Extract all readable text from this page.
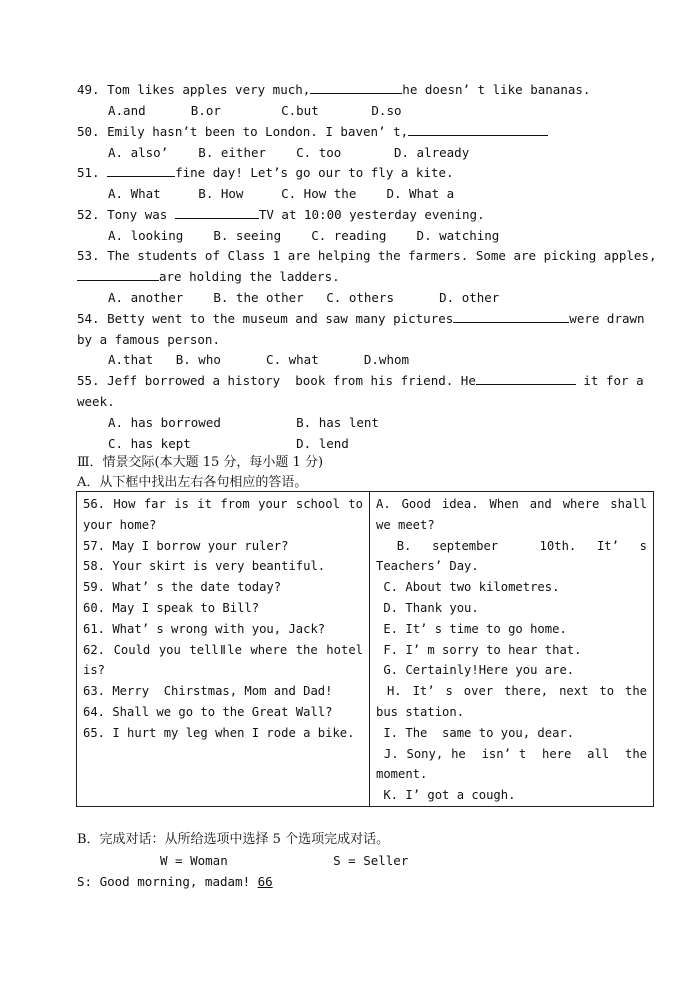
49. Tom likes apples very much,	he doesn’ t like bananas.
A.and      B.or        C.but       D.so
50. Emily hasn’t been to London. I baven’ t,
A. also’    B. either    C. too       D. already
51.	fine day! Let’s go our to fly a kite.
A. What     B. How     C. How the    D. What a
52. Tony was	TV at 10:00 yesterday evening.
A. looking    B. seeing    C. reading    D. watching
53. The students of Class 1 are helping the farmers. Some are picking apples,
are holding the ladders.
A. another    B. the other   C. others      D. other
54. Betty went to the museum and saw many pictures	were drawn
by a famous person.
A.that   B. who      C. what      D.whom
55. Jeff borrowed a history  book from his friend. He	it for a
week.
A. has borrowed          B. has lent
C. has kept              D. lend
Ⅲ．情景交际(本大题 15 分，每小题 1 分)
A．从下框中找出左右各句相应的答语。
56. How far is it from your school to your home?
57. May I borrow your ruler?
58. Your skirt is very beantiful.
59. What’ s the date today?
60. May I speak to Bill?
61. What’ s wrong with you, Jack?
62. Could you tellⅡle where the hotel is?
63. Merry  Chirstmas, Mom and Dad!
64. Shall we go to the Great Wall?
65. I hurt my leg when I rode a bike.

A. Good idea. When and where shall we meet?
B. september  10th. It’ s  Teachers’ Day.
C. About two kilometres.
D. Thank you.
E. It’ s time to go home.
F. I’ m sorry to hear that.
G. Certainly!Here you are.
H. It’ s over there, next to the bus station.
I. The  same to you, dear.
J. Sony, he  isn’ t  here  all  the moment.
K. I’ got a cough.
B．完成对话：从所给选项中选择 5 个选项完成对话。
W = Woman              S = Seller
S: Good morning, madam! 66
